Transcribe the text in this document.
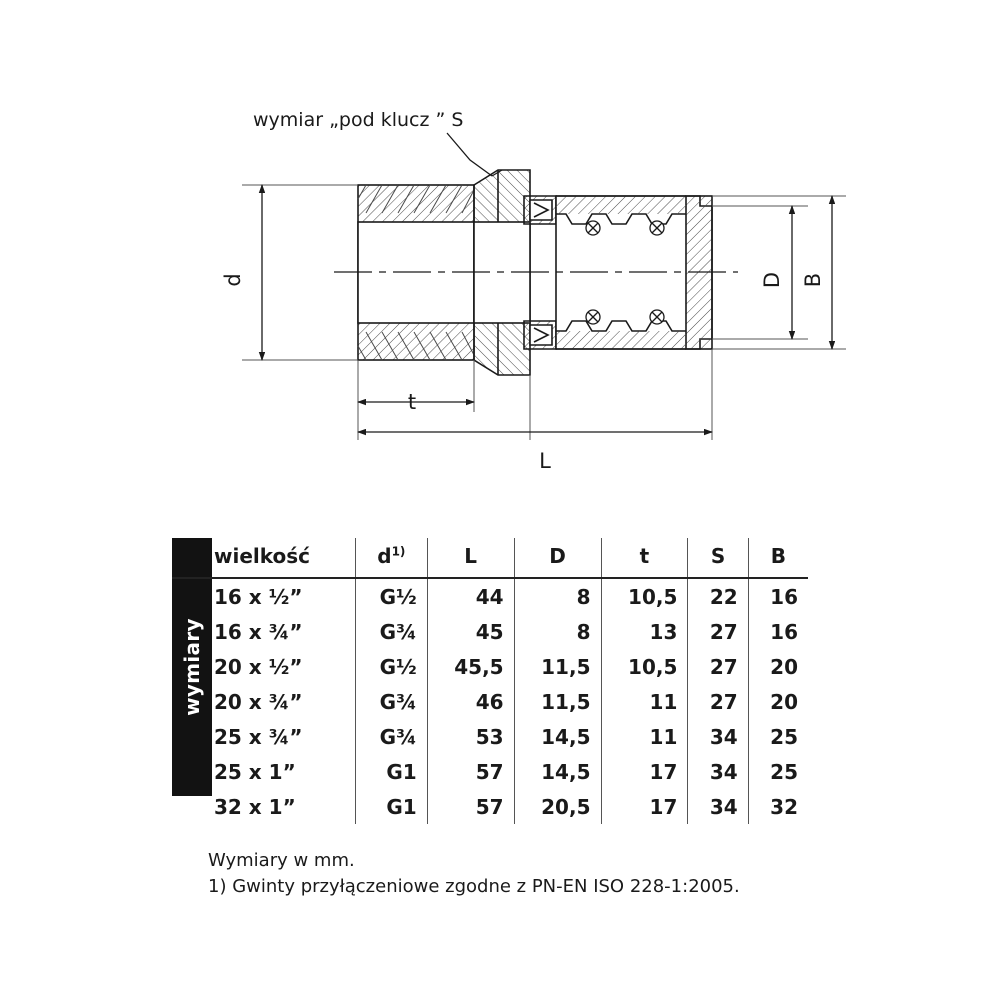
wymiar „pod klucz ” S
d	D B
t
L
wymiary
wielkość	$d^{1)}$	L	D	t	S	B
16 x ½”	G½	44	8	10,5	22	16
16 x ¾”	G¾	45	8	13	27	16
20 x ½”	G½	45,5	11,5	10,5	27	20
20 x ¾”	G¾	46	11,5	11	27	20
25 x ¾”	G¾	53	14,5	11	34	25
25 x 1”	G1	57	14,5	17	34	25
32 x 1”	G1	57	20,5	17	34	32
Wymiary w mm.
1) Gwinty przyłączeniowe zgodne z PN-EN ISO 228-1:2005.
